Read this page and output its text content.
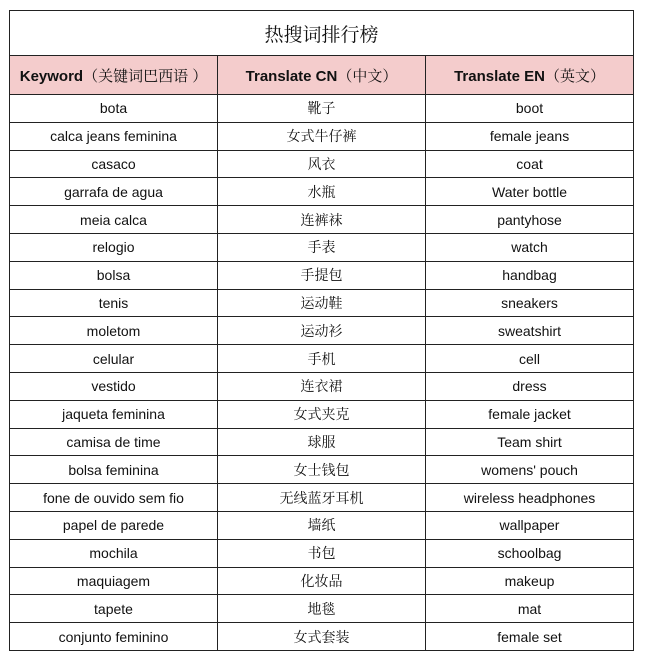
热搜词排行榜		
Keyword（关键词巴西语 ）	Translate CN（中文）	Translate EN（英文）
bota	靴子	boot
calca jeans feminina	女式牛仔裤	female jeans
casaco	风衣	coat
garrafa de agua	水瓶	Water bottle
meia calca	连裤袜	pantyhose
relogio	手表	watch
bolsa	手提包	handbag
tenis	运动鞋	sneakers
moletom	运动衫	sweatshirt
celular	手机	cell
vestido	连衣裙	dress
jaqueta feminina	女式夹克	female jacket
camisa de time	球服	Team shirt
bolsa feminina	女士钱包	womens' pouch
fone de ouvido sem fio	无线蓝牙耳机	wireless headphones
papel de parede	墙纸	wallpaper
mochila	书包	schoolbag
maquiagem	化妆品	makeup
tapete	地毯	mat
conjunto feminino	女式套装	female set
